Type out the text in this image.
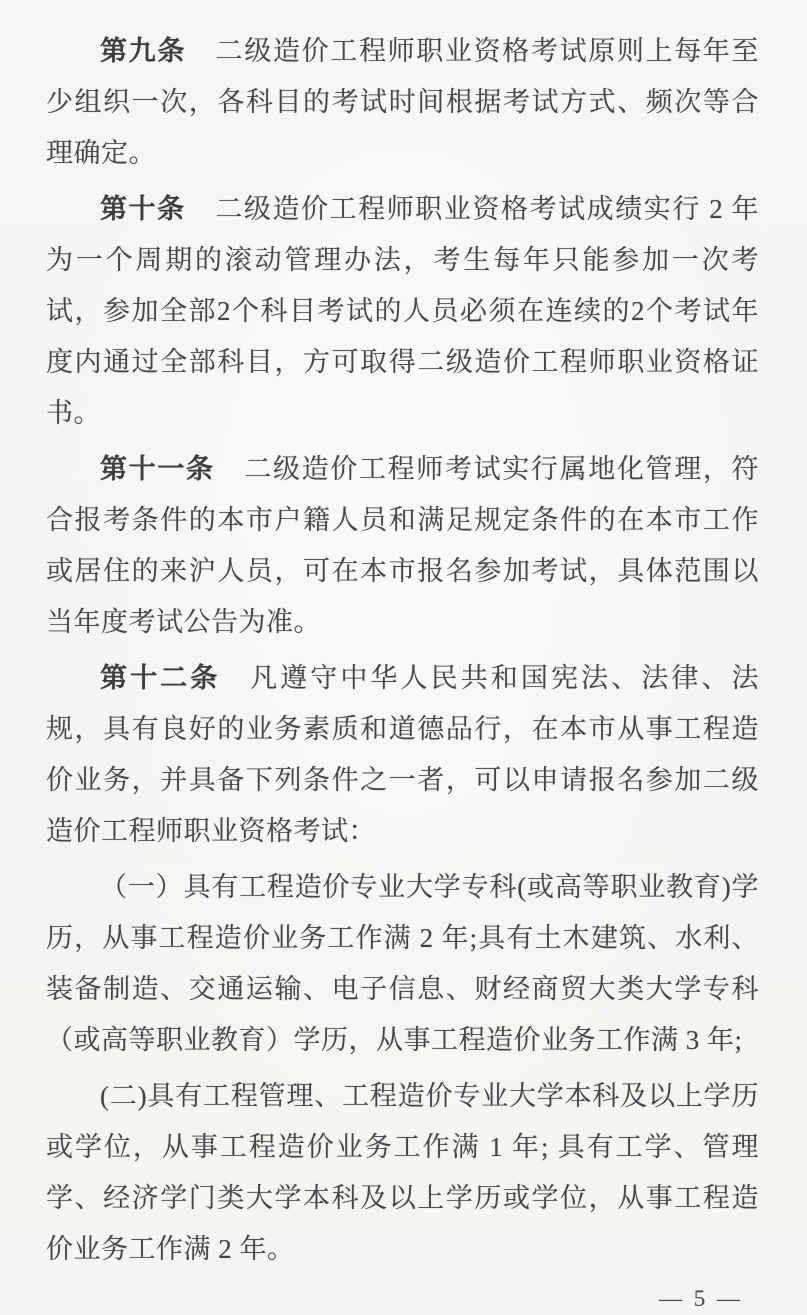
第九条 二级造价工程师职业资格考试原则上每年至少组织一次，各科目的考试时间根据考试方式、频次等合理确定。

第十条 二级造价工程师职业资格考试成绩实行 2 年为一个周期的滚动管理办法，考生每年只能参加一次考试，参加全部2个科目考试的人员必须在连续的2个考试年度内通过全部科目，方可取得二级造价工程师职业资格证书。

第十一条 二级造价工程师考试实行属地化管理，符合报考条件的本市户籍人员和满足规定条件的在本市工作或居住的来沪人员，可在本市报名参加考试，具体范围以当年度考试公告为准。

第十二条 凡遵守中华人民共和国宪法、法律、法规，具有良好的业务素质和道德品行，在本市从事工程造价业务，并具备下列条件之一者，可以申请报名参加二级造价工程师职业资格考试：

（一）具有工程造价专业大学专科(或高等职业教育)学历，从事工程造价业务工作满 2 年;具有土木建筑、水利、装备制造、交通运输、电子信息、财经商贸大类大学专科（或高等职业教育）学历，从事工程造价业务工作满 3 年;

(二)具有工程管理、工程造价专业大学本科及以上学历或学位，从事工程造价业务工作满 1 年; 具有工学、管理学、经济学门类大学本科及以上学历或学位，从事工程造价业务工作满 2 年。

— 5 —
